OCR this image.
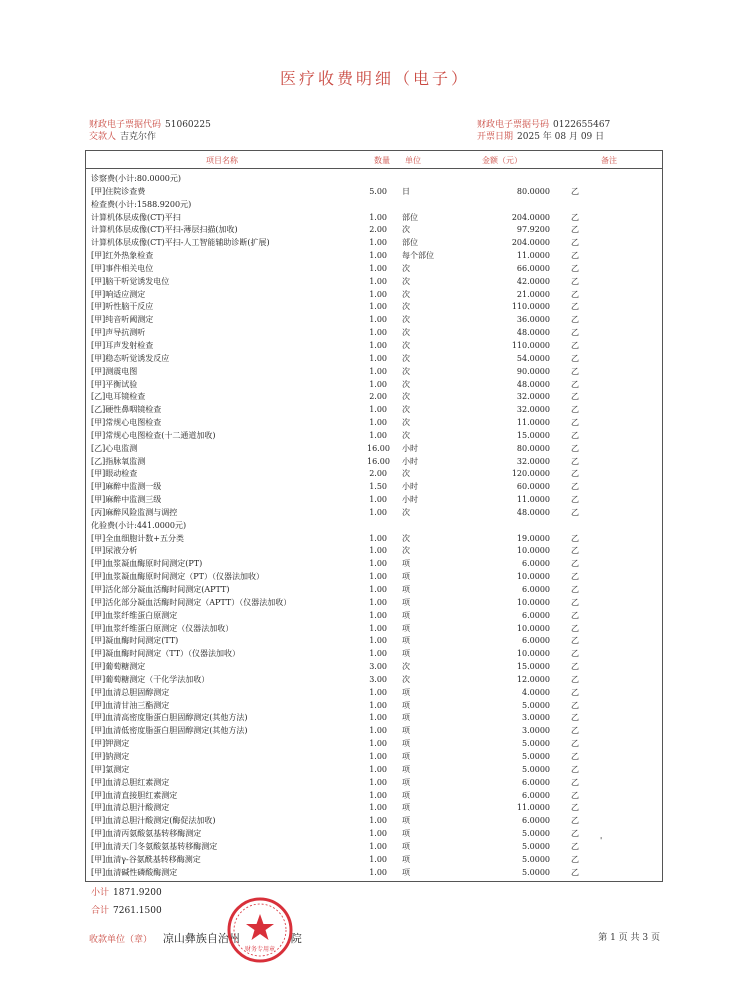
医疗收费明细（电子）
财政电子票据代码 51060225
交款人 吉克尔作
财政电子票据号码 0122655467
开票日期 2025 年 08 月 09 日
项目名称	数量 单位	金额（元）	备注
诊察费(小计:80.0000元)
[甲]住院诊查费	5.00 日	80.0000	乙
检查费(小计:1588.9200元)
计算机体层成像(CT)平扫	1.00 部位	204.0000	乙
计算机体层成像(CT)平扫-薄层扫描(加收)	2.00 次	97.9200	乙
计算机体层成像(CT)平扫-人工智能辅助诊断(扩展)	1.00 部位	204.0000	乙
[甲]红外热象检查	1.00 每个部位	11.0000	乙
[甲]事件相关电位	1.00 次	66.0000	乙
[甲]脑干听觉诱发电位	1.00 次	42.0000	乙
[甲]响适应测定	1.00 次	21.0000	乙
[甲]听性脑干反应	1.00 次	110.0000	乙
[甲]纯音听阈测定	1.00 次	36.0000	乙
[甲]声导抗测听	1.00 次	48.0000	乙
[甲]耳声发射检查	1.00 次	110.0000	乙
[甲]稳态听觉诱发反应	1.00 次	54.0000	乙
[甲]测震电图	1.00 次	90.0000	乙
[甲]平衡试验	1.00 次	48.0000	乙
[乙]电耳镜检查	2.00 次	32.0000	乙
[乙]硬性鼻咽镜检查	1.00 次	32.0000	乙
[甲]常规心电图检查	1.00 次	11.0000	乙
[甲]常规心电图检查(十二通道加收)	1.00 次	15.0000	乙
[乙]心电监测	16.00 小时	80.0000	乙
[乙]指脉氧监测	16.00 小时	32.0000	乙
[甲]眼动检查	2.00 次	120.0000	乙
[甲]麻醉中监测一级	1.50 小时	60.0000	乙
[甲]麻醉中监测三级	1.00 小时	11.0000	乙
[丙]麻醉风险监测与调控	1.00 次	48.0000	乙
化验费(小计:441.0000元)
[甲]全血细胞计数+五分类	1.00 次	19.0000	乙
[甲]尿液分析	1.00 次	10.0000	乙
[甲]血浆凝血酶原时间测定(PT)	1.00 项	6.0000	乙
[甲]血浆凝血酶原时间测定（PT）（仪器法加收）	1.00 项	10.0000	乙
[甲]活化部分凝血活酶时间测定(APTT)	1.00 项	6.0000	乙
[甲]活化部分凝血活酶时间测定（APTT）（仪器法加收）	1.00 项	10.0000	乙
[甲]血浆纤维蛋白原测定	1.00 项	6.0000	乙
[甲]血浆纤维蛋白原测定（仪器法加收）	1.00 项	10.0000	乙
[甲]凝血酶时间测定(TT)	1.00 项	6.0000	乙
[甲]凝血酶时间测定（TT）（仪器法加收）	1.00 项	10.0000	乙
[甲]葡萄糖测定	3.00 次	15.0000	乙
[甲]葡萄糖测定（干化学法加收）	3.00 次	12.0000	乙
[甲]血清总胆固醇测定	1.00 项	4.0000	乙
[甲]血清甘油三酯测定	1.00 项	5.0000	乙
[甲]血清高密度脂蛋白胆固醇测定(其他方法)	1.00 项	3.0000	乙
[甲]血清低密度脂蛋白胆固醇测定(其他方法)	1.00 项	3.0000	乙
[甲]钾测定	1.00 项	5.0000	乙
[甲]钠测定	1.00 项	5.0000	乙
[甲]氯测定	1.00 项	5.0000	乙
[甲]血清总胆红素测定	1.00 项	6.0000	乙
[甲]血清直接胆红素测定	1.00 项	6.0000	乙
[甲]血清总胆汁酸测定	1.00 项	11.0000	乙
[甲]血清总胆汁酸测定(酶促法加收)	1.00 项	6.0000	乙
[甲]血清丙氨酸氨基转移酶测定	1.00 项	5.0000	乙
[甲]血清天门冬氨酸氨基转移酶测定	1.00 项	5.0000	乙
[甲]血清γ-谷氨酰基转移酶测定	1.00 项	5.0000	乙
[甲]血清碱性磷酸酶测定	1.00 项	5.0000	乙
'
小计 1871.9200
合计 7261.1500
收款单位（章） 凉山彝族自治州	院
财务专用章
第 1 页 共 3 页
